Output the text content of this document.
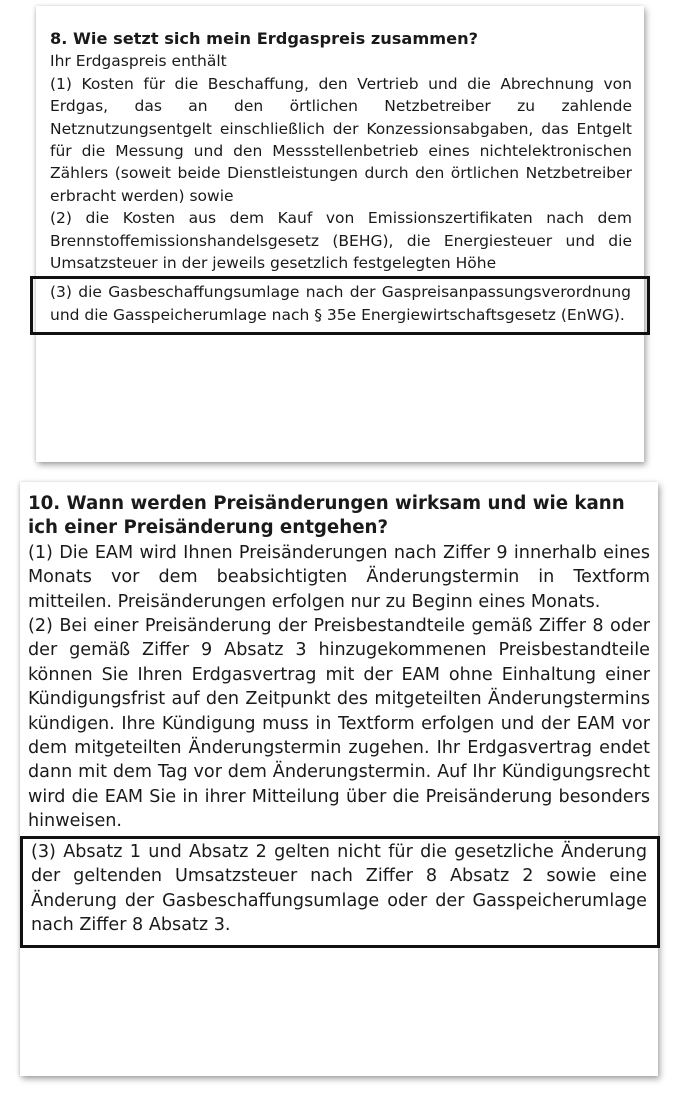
8. Wie setzt sich mein Erdgaspreis zusammen?

Ihr Erdgaspreis enthält

(1) Kosten für die Beschaffung, den Vertrieb und die Abrechnung von Erdgas, das an den örtlichen Netzbetreiber zu zahlende Netznutzungsentgelt einschließlich der Konzessionsabgaben, das Entgelt für die Messung und den Messstellenbetrieb eines nichtelektronischen Zählers (soweit beide Dienstleistungen durch den örtlichen Netzbetreiber erbracht werden) sowie

(2) die Kosten aus dem Kauf von Emissionszertifikaten nach dem Brennstoffemissionshandelsgesetz (BEHG), die Energiesteuer und die Umsatzsteuer in der jeweils gesetzlich festgelegten Höhe

(3) die Gasbeschaffungsumlage nach der Gaspreisanpassungsverordnung und die Gasspeicherumlage nach § 35e Energiewirtschaftsgesetz (EnWG).

10. Wann werden Preisänderungen wirksam und wie kann ich einer Preisänderung entgehen?

(1) Die EAM wird Ihnen Preisänderungen nach Ziffer 9 innerhalb eines Monats vor dem beabsichtigten Änderungstermin in Textform mitteilen. Preisänderungen erfolgen nur zu Beginn eines Monats.

(2) Bei einer Preisänderung der Preisbestandteile gemäß Ziffer 8 oder der gemäß Ziffer 9 Absatz 3 hinzugekommenen Preisbestandteile können Sie Ihren Erdgasvertrag mit der EAM ohne Einhaltung einer Kündigungsfrist auf den Zeitpunkt des mitgeteilten Änderungstermins kündigen. Ihre Kündigung muss in Textform erfolgen und der EAM vor dem mitgeteilten Änderungstermin zugehen. Ihr Erdgasvertrag endet dann mit dem Tag vor dem Änderungstermin. Auf Ihr Kündigungsrecht wird die EAM Sie in ihrer Mitteilung über die Preisänderung besonders hinweisen.

(3) Absatz 1 und Absatz 2 gelten nicht für die gesetzliche Änderung der geltenden Umsatzsteuer nach Ziffer 8 Absatz 2 sowie eine Änderung der Gasbeschaffungsumlage oder der Gasspeicherumlage nach Ziffer 8 Absatz 3.
